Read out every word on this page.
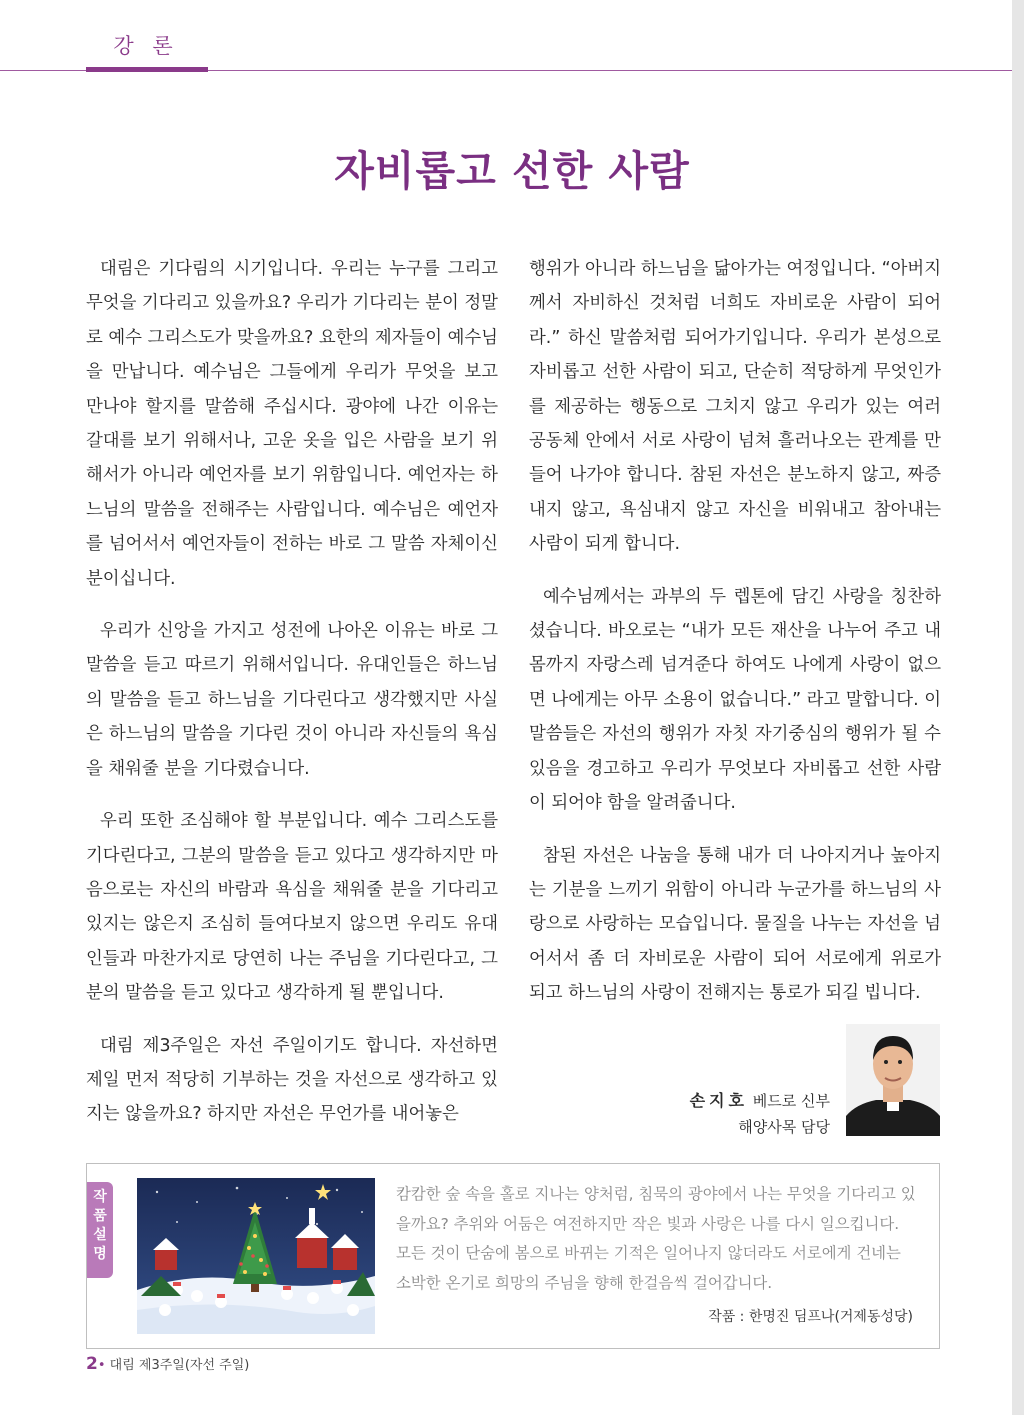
강 론
자비롭고 선한 사람

대림은 기다림의 시기입니다. 우리는 누구를 그리고 무엇을 기다리고 있을까요? 우리가 기다리는 분이 정말로 예수 그리스도가 맞을까요? 요한의 제자들이 예수님을 만납니다. 예수님은 그들에게 우리가 무엇을 보고 만나야 할지를 말씀해 주십시다. 광야에 나간 이유는 갈대를 보기 위해서나, 고운 옷을 입은 사람을 보기 위해서가 아니라 예언자를 보기 위함입니다. 예언자는 하느님의 말씀을 전해주는 사람입니다. 예수님은 예언자를 넘어서서 예언자들이 전하는 바로 그 말씀 자체이신 분이십니다.

우리가 신앙을 가지고 성전에 나아온 이유는 바로 그 말씀을 듣고 따르기 위해서입니다. 유대인들은 하느님의 말씀을 듣고 하느님을 기다린다고 생각했지만 사실은 하느님의 말씀을 기다린 것이 아니라 자신들의 욕심을 채워줄 분을 기다렸습니다.

우리 또한 조심해야 할 부분입니다. 예수 그리스도를 기다린다고, 그분의 말씀을 듣고 있다고 생각하지만 마음으로는 자신의 바람과 욕심을 채워줄 분을 기다리고 있지는 않은지 조심히 들여다보지 않으면 우리도 유대인들과 마찬가지로 당연히 나는 주님을 기다린다고, 그분의 말씀을 듣고 있다고 생각하게 될 뿐입니다.

대림 제3주일은 자선 주일이기도 합니다. 자선하면 제일 먼저 적당히 기부하는 것을 자선으로 생각하고 있지는 않을까요? 하지만 자선은 무언가를 내어놓은

행위가 아니라 하느님을 닮아가는 여정입니다. “아버지께서 자비하신 것처럼 너희도 자비로운 사람이 되어라.” 하신 말씀처럼 되어가기입니다. 우리가 본성으로 자비롭고 선한 사람이 되고, 단순히 적당하게 무엇인가를 제공하는 행동으로 그치지 않고 우리가 있는 여러 공동체 안에서 서로 사랑이 넘쳐 흘러나오는 관계를 만들어 나가야 합니다. 참된 자선은 분노하지 않고, 짜증 내지 않고, 욕심내지 않고 자신을 비워내고 참아내는 사람이 되게 합니다.

예수님께서는 과부의 두 렙톤에 담긴 사랑을 칭찬하셨습니다. 바오로는 “내가 모든 재산을 나누어 주고 내 몸까지 자랑스레 넘겨준다 하여도 나에게 사랑이 없으면 나에게는 아무 소용이 없습니다.” 라고 말합니다. 이 말씀들은 자선의 행위가 자칫 자기중심의 행위가 될 수 있음을 경고하고 우리가 무엇보다 자비롭고 선한 사람이 되어야 함을 알려줍니다.

참된 자선은 나눔을 통해 내가 더 나아지거나 높아지는 기분을 느끼기 위함이 아니라 누군가를 하느님의 사랑으로 사랑하는 모습입니다. 물질을 나누는 자선을 넘어서서 좀 더 자비로운 사람이 되어 서로에게 위로가 되고 하느님의 사랑이 전해지는 통로가 되길 빕니다.

손지호 베드로 신부
해양사목 담당
작
품
설
명
캄캄한 숲 속을 홀로 지나는 양처럼, 침묵의 광야에서 나는 무엇을 기다리고 있을까요? 추위와 어둠은 여전하지만 작은 빛과 사랑은 나를 다시 일으킵니다. 모든 것이 단숨에 봄으로 바뀌는 기적은 일어나지 않더라도 서로에게 건네는 소박한 온기로 희망의 주님을 향해 한걸음씩 걸어갑니다.
작품 : 한명진 딤프나(거제동성당)
2• 대림 제3주일(자선 주일)
